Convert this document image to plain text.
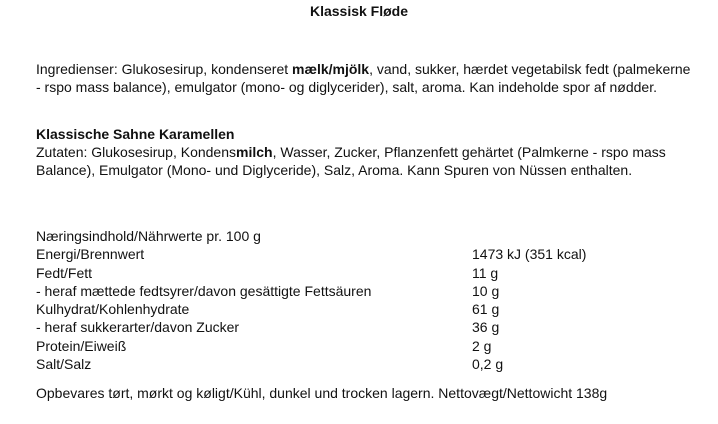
Klassisk Fløde
Ingredienser: Glukosesirup, kondenseret mælk/mjölk, vand, sukker, hærdet vegetabilsk fedt (palmekerne - rspo mass balance), emulgator (mono- og diglycerider), salt, aroma. Kan indeholde spor af nødder.
Klassische Sahne Karamellen
Zutaten: Glukosesirup, Kondensmilch, Wasser, Zucker, Pflanzenfett gehärtet (Palmkerne - rspo mass Balance), Emulgator (Mono- und Diglyceride), Salz, Aroma. Kann Spuren von Nüssen enthalten.
Næringsindhold/Nährwerte pr. 100 g
Energi/Brennwert	1473 kJ (351 kcal)
Fedt/Fett	11 g
- heraf mættede fedtsyrer/davon gesättigte Fettsäuren	10 g
Kulhydrat/Kohlenhydrate	61 g
- heraf sukkerarter/davon Zucker	36 g
Protein/Eiweiß	2 g
Salt/Salz	0,2 g
Opbevares tørt, mørkt og køligt/Kühl, dunkel und trocken lagern. Nettovægt/Nettowicht 138g
